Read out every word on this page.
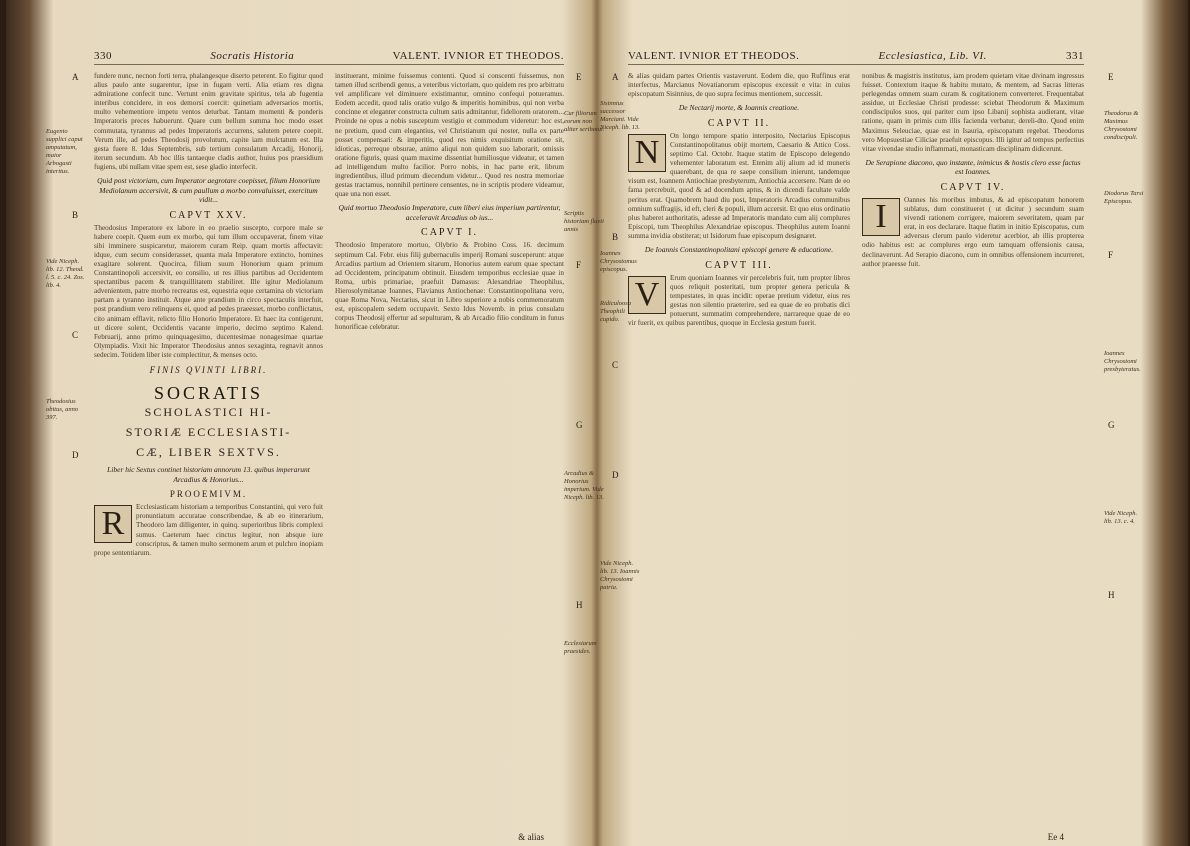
330	Socratis Historia	VALENT. IVNIOR ET THEODOS.
fundere nunc, necnon forti terra, phalangesque diserto peterent. Eo figitur quod alius paulo ante sugarentur, ipse in fugam verti. Alia etiam res digna admiratione confecit tunc. Vertunt enim gravitate spiritus, tela ab fugentia interibus concidere, in eos demorsi coercit: quinetiam adversarios mortis, multo vehementiore impetu ventos deturbat. Tantam momenti & ponderis Imperatoris preces habuerunt. Quare cum bellum summa hoc modo esset commutata, tyrannus ad pedes Imperatoris accurrens, salutem petere coepit. Verum ille, ad pedes Theodosij provolutum, capite iam mulctatum est. Illa gesta fuere 8. Idus Septembris, sub tertium consulatum Arcadij, Honorij, iterum secundum. Ab hoc illis tantaeque cladis author, huius pos praesidium fugiens, ubi nullam vitae spem est, sese gladio interfecit.
Quid post victoriam, cum Imperator aegrotare coepisset, filium Honorium Mediolanum accersivit, & cum paullum a morbo convaluisset, exercitum vidit...
CAPVT XXV.
Theodosius Imperatore ex labore in eo praelio suscepto, corpore male se habere coepit. Quem eum ex morbo, qui tum illum occupaverat, finem vitae sibi imminere suspicaretur, maiorem curam Reip. quam mortis affectavit: idque, cum secum considerasset, quanta mala Imperatore extincto, homines exagitare solerent. Quocirca, filium suum Honorium quam primum Constantinopoli accersivit, eo consilio, ut res illius partibus ad Occidentem spectantibus pacem & tranquillitatem stabiliret. Ille igitur Mediolanum advenientem, patre morbo recreatus est, equestria eque certamina ob victoriam partam a tyranno instituit. Atque ante prandium in circo spectaculis interfuit, post prandium vero relinquens ei, quod ad pedes praeesset, morbo conflictatus, cito animam efflavit, relicto filio Honorio Imperatore. Et haec ita contigerunt, ut dicere solent, Occidentis vacante imperio, decimo septimo Kalend. Februarij, anno primo quinquagesimo, ducentesimae nonagesimae quartae Olympiadis. Vixit hic Imperator Theodosius annos sexaginta, regnavit annos sedecim. Totidem liber iste complectitur, & menses octo.
FINIS QVINTI LIBRI.
SOCRATIS
SCHOLASTICI HI-
STORIÆ ECCLESIASTI-
CÆ, LIBER SEXTVS.
Liber hic Sextus continet historiam annorum 13. quibus imperarunt Arcadius & Honorius...
PROOEMIVM.
R	Ecclesiasticam historiam a temporibus Constantini, qui vero fuit pronuntiatum accuratae conscribendae, & ab eo itinerarium, Theodoro lam dilligenter, in quinq. superioribus libris complexi sumus. Caeterum haec cinctus legitur, non absque iure conscriptus, & tamen multo sermonem arum et pulchro inopiam prope sententiarum.
instituerant, minime fuissemus contenti. Quod si conscenti fuissemus, non tamen illud scribendi genus, a veteribus victoriam, quo quidem res pro arbitratu vel amplificare vel diminuere existimantur, omnino confequi potueramus. Eodem accedit, quod talis oratio vulgo & imperitis hominibus, qui non verba concinne et eleganter constructa cultum satis admitantur, fideliorem oratorem... Proinde ne opus a nobis susceptum vestigio et commodum videretur: hoc est, ne pretium, quod cum elegantius, vel Christianum qui noster, nulla ex parte posset compensari: & imperitis, quod res nimis exquisitum oratione sit, idioticas, perreque obsurae, animo aliqui non quidem suo laborarit, omissis oratione figuris, quasi quam maxime dissentiat humiliosque videatur, et tamen ad intelligendum multo facilior. Porro nobis, in hac parte erit, librum ingredientibus, illud primum diecendum videtur... Quod res nostra memoriae gestas tractamus, nonnihil pertinere censentes, ne in scriptis prodere videamur, quae una non esset.
Quid mortuo Theodosio Imperatore, cum liberi eius imperium partirentur, acceleravit Arcadius ob ius...
CAPVT I.
Theodosio Imperatore mortuo, Olybrio & Probino Coss. 16. decimum septimum Cal. Febr. eius filij gubernaculis imperij Romani susceperunt: atque Arcadius partium ad Orientem sitarum, Honorius autem earum quae spectant ad Occidentem, principatum obtinuit. Eiusdem temporibus ecclesiae quae in Roma, urbis primariae, praefuit Damasus: Alexandriae Theophilus, Hierosolymitanae Ioannes, Flavianus Antiochenae: Constantinopolitana vero, quae Roma Nova, Nectarius, sicut in Libro superiore a nobis commemoratum est, episcopalem sedem occupavit. Sexto Idus Novemb. in prius consulatu corpus Theodosij effertur ad sepulturam, & ab Arcadio filio conditum in funus honorificae celebratur.
& alias
A
Eugenio supplici caput amputatum, maior Arbogasti interitus.
B
Vide Niceph. lib. 12. Theod. l. 5. c. 24. Zos. lib. 4.
C
D
Theodosius obitus, anno 397.
E
Cur filiorum eorum non aliter scribatur.
F
Scriptis historiam fluvii annis
G
Arcadius & Honorius imperium. Vide Niceph. lib. 13.
H
Ecclesiarum praesides.
VALENT. IVNIOR ET THEODOS.	Ecclesiastica, Lib. VI.	331
& alias quidam partes Orientis vastaverunt. Eodem die, quo Ruffinus erat interfectus, Marcianus Novatianorum episcopus excessit e vita: in cuius episcopatum Sisinnius, de quo supra fecimus mentionem, successit.
De Nectarij morte, & Ioannis creatione.
CAPVT II.
N	On longo tempore spatio interposito, Nectarius Episcopus Constantinopolitanus obijt mortem, Caesario & Attico Coss. septimo Cal. Octobr. Itaque statim de Episcopo delegendo vehementer laboratum est. Etenim alij alium ad id muneris quaerebant, de qua re saepe consilium inierunt, tandemque visum est, Ioannem Antiochiae presbyterum, Antiochia accersere. Nam de eo fama percrebuit, quod & ad docendum aptus, & in dicendi facultate valde peritus erat. Quamobrem haud diu post, Imperatoris Arcadius communibus omnium suffragijs, id eft, cleri & populi, illum accersit. Et quo eius ordinatio plus haberet authoritatis, adesse ad Imperatoris mandato cum alij complures Episcopi, tum Theophilus Alexandriae episcopus. Theophilus autem Ioanni summa invidia obstiterat; ut Isidorum fuae episcopum designaret.
De Ioannis Constantinopolitani episcopi genere & educatione.
CAPVT III.
V	Erum quoniam Ioannes vir percelebris fuit, tum propter libros quos reliquit posteritati, tum propter genera pericula & tempestates, in quas incidit: operae pretium videtur, eius res gestas non silentio praeterire, sed ea quae de eo probatis dici potuerunt, summatim comprehendere, narrareque quae de eo vir fuerit, ex quibus parentibus, quoque in Ecclesia gestum fuerit.
nonibus & magistris institutus, iam prodem quietam vitae divinam ingressus fuisset. Contextum itaque & habitu mutato, & mentem, ad Sacras litteras perlegendas omnem suam curam & cogitationem converteret. Frequentabat assidue, ut Ecclesiae Christi prodesse: sciebat Theodorum & Maximum condiscipulos suos, qui pariter cum ipso Libanij sophista audierant, vitae ratione, quam in primis cum illis facienda verbatur, dereli-dto. Quod enim Maximus Seleuciae, quae est in Isauria, episcopatum regebat. Theodorus vero Mopsuestiae Ciliciae praefuit episcopus. Illi igitur ad tempus perfectius vitae vivendae studio inflammati, monasticam disciplinam didicerunt.
De Serapione diacono, quo instante, inimicus & hostis clero esse factus est Ioannes.
CAPVT IV.
I	Oannes his moribus imbutus, & ad episcopatum honorem sublatus, dum constitueret ( ut dicitur ) secundum suam vivendi rationem corrigere, maiorem severitatem, quam par erat, in eos declarare. Itaque flatim in initio Episcopatus, cum adversus clerum paulo videretur acerbior, ab illis propterea odio habitus est: ac complures ergo eum tamquam offensionis causa, declinaverunt. Ad Serapio diacono, cum in omnibus offensionem incurreret, author praeesse fuit.
Ee 4
A
Sisinnius successor Marciani. Vide Niceph. lib. 13.
B
Ioannes Chrysostomus episcopus.
C
Ridiculoosa Theophili cupido.
D
Vide Niceph. lib. 13. Ioannis Chrysostomi patria.
E
Theodorus & Maximus Chrysostomi condiscipuli.
F
Diodorus Tarsi Episcopus.
G
Ioannes Chrysostomi presbyteratus.
H
Vide Niceph. lib. 13. c. 4.
